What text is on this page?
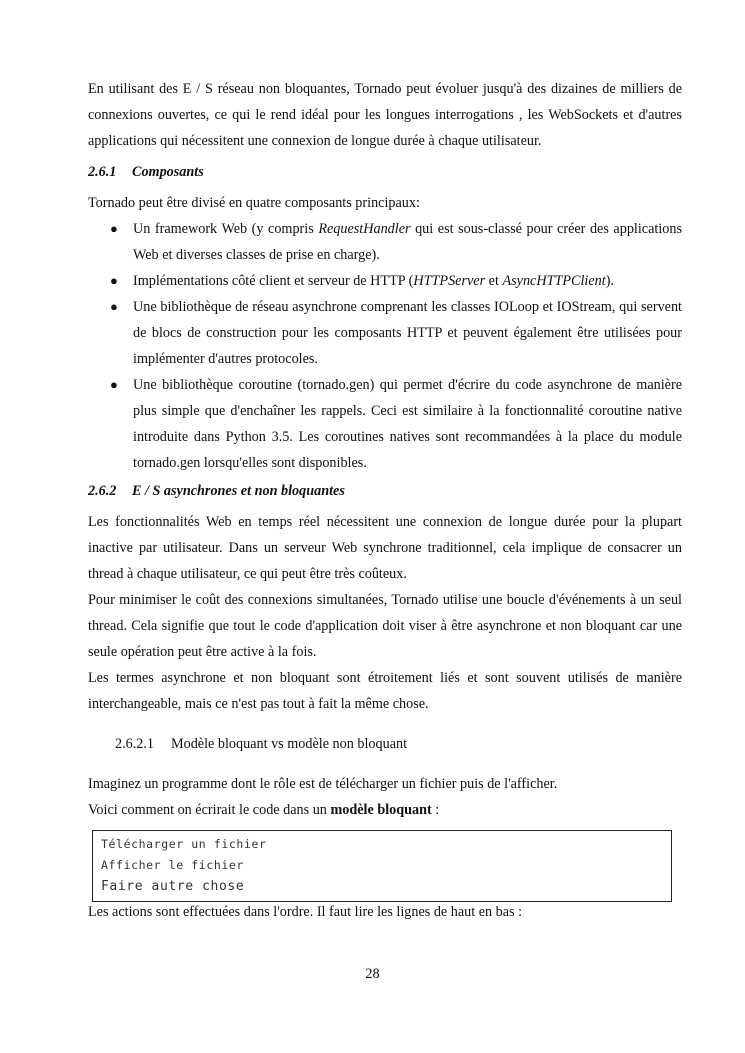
En utilisant des E / S réseau non bloquantes, Tornado peut évoluer jusqu'à des dizaines de milliers de connexions ouvertes, ce qui le rend idéal pour les longues interrogations , les WebSockets et d'autres applications qui nécessitent une connexion de longue durée à chaque utilisateur.

2.6.1 Composants

Tornado peut être divisé en quatre composants principaux:

● Un framework Web (y compris RequestHandler qui est sous-classé pour créer des applications Web et diverses classes de prise en charge).
● Implémentations côté client et serveur de HTTP (HTTPServer et AsyncHTTPClient).
● Une bibliothèque de réseau asynchrone comprenant les classes IOLoop et IOStream, qui servent de blocs de construction pour les composants HTTP et peuvent également être utilisées pour implémenter d'autres protocoles.
● Une bibliothèque coroutine (tornado.gen) qui permet d'écrire du code asynchrone de manière plus simple que d'enchaîner les rappels. Ceci est similaire à la fonctionnalité coroutine native introduite dans Python 3.5. Les coroutines natives sont recommandées à la place du module tornado.gen lorsqu'elles sont disponibles.
2.6.2 E / S asynchrones et non bloquantes

Les fonctionnalités Web en temps réel nécessitent une connexion de longue durée pour la plupart inactive par utilisateur. Dans un serveur Web synchrone traditionnel, cela implique de consacrer un thread à chaque utilisateur, ce qui peut être très coûteux.

Pour minimiser le coût des connexions simultanées, Tornado utilise une boucle d'événements à un seul thread. Cela signifie que tout le code d'application doit viser à être asynchrone et non bloquant car une seule opération peut être active à la fois.

Les termes asynchrone et non bloquant sont étroitement liés et sont souvent utilisés de manière interchangeable, mais ce n'est pas tout à fait la même chose.

2.6.2.1 Modèle bloquant vs modèle non bloquant

Imaginez un programme dont le rôle est de télécharger un fichier puis de l'afficher.

Voici comment on écrirait le code dans un modèle bloquant :

Télécharger un fichier
Afficher le fichier
Faire autre chose

Les actions sont effectuées dans l'ordre. Il faut lire les lignes de haut en bas :

28
